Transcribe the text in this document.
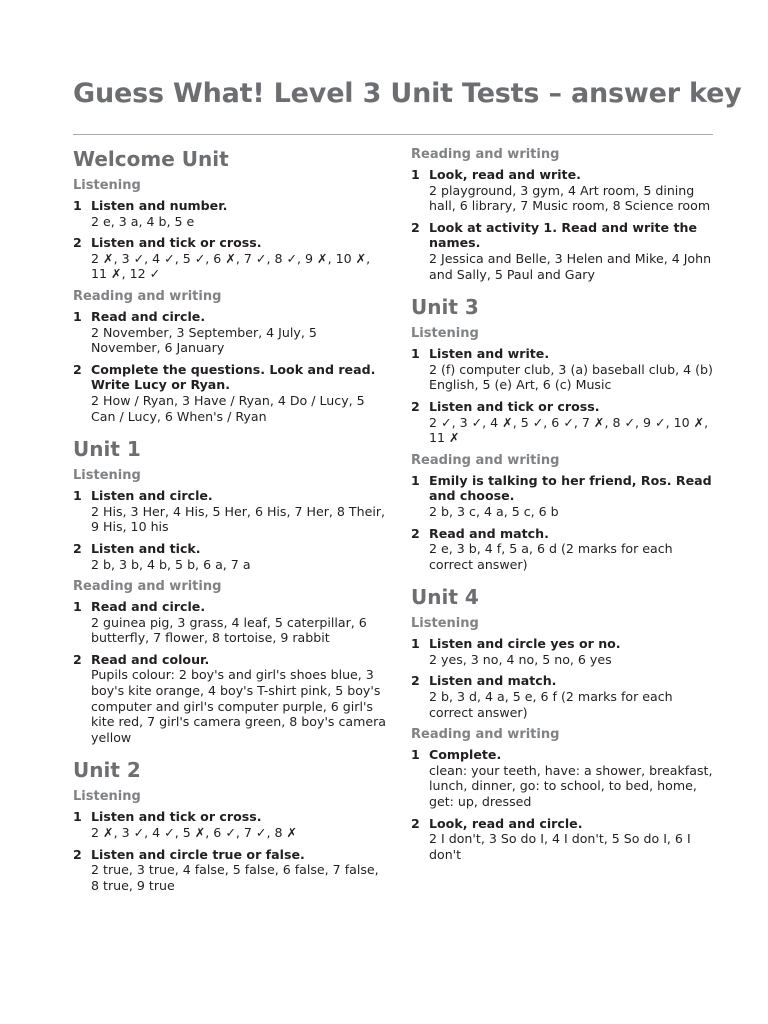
Guess What! Level 3 Unit Tests – answer key
Welcome Unit
Listening
1 Listen and number.
2 e, 3 a, 4 b, 5 e
2 Listen and tick or cross.
2 ✗, 3 ✓, 4 ✓, 5 ✓, 6 ✗, 7 ✓, 8 ✓, 9 ✗, 10 ✗, 11 ✗, 12 ✓
Reading and writing
1 Read and circle.
2 November, 3 September, 4 July, 5 November, 6 January
2 Complete the questions. Look and read. Write Lucy or Ryan.
2 How / Ryan, 3 Have / Ryan, 4 Do / Lucy, 5 Can / Lucy, 6 When's / Ryan
Unit 1
Listening
1 Listen and circle.
2 His, 3 Her, 4 His, 5 Her, 6 His, 7 Her, 8 Their, 9 His, 10 his
2 Listen and tick.
2 b, 3 b, 4 b, 5 b, 6 a, 7 a
Reading and writing
1 Read and circle.
2 guinea pig, 3 grass, 4 leaf, 5 caterpillar, 6 butterfly, 7 flower, 8 tortoise, 9 rabbit
2 Read and colour.
Pupils colour: 2 boy's and girl's shoes blue, 3 boy's kite orange, 4 boy's T-shirt pink, 5 boy's computer and girl's computer purple, 6 girl's kite red, 7 girl's camera green, 8 boy's camera yellow
Unit 2
Listening
1 Listen and tick or cross.
2 ✗, 3 ✓, 4 ✓, 5 ✗, 6 ✓, 7 ✓, 8 ✗
2 Listen and circle true or false.
2 true, 3 true, 4 false, 5 false, 6 false, 7 false, 8 true, 9 true
Reading and writing
1 Look, read and write.
2 playground, 3 gym, 4 Art room, 5 dining hall, 6 library, 7 Music room, 8 Science room
2 Look at activity 1. Read and write the names.
2 Jessica and Belle, 3 Helen and Mike, 4 John and Sally, 5 Paul and Gary
Unit 3
Listening
1 Listen and write.
2 (f) computer club, 3 (a) baseball club, 4 (b) English, 5 (e) Art, 6 (c) Music
2 Listen and tick or cross.
2 ✓, 3 ✓, 4 ✗, 5 ✓, 6 ✓, 7 ✗, 8 ✓, 9 ✓, 10 ✗, 11 ✗
Reading and writing
1 Emily is talking to her friend, Ros. Read and choose.
2 b, 3 c, 4 a, 5 c, 6 b
2 Read and match.
2 e, 3 b, 4 f, 5 a, 6 d (2 marks for each correct answer)
Unit 4
Listening
1 Listen and circle yes or no.
2 yes, 3 no, 4 no, 5 no, 6 yes
2 Listen and match.
2 b, 3 d, 4 a, 5 e, 6 f (2 marks for each correct answer)
Reading and writing
1 Complete.
clean: your teeth, have: a shower, breakfast, lunch, dinner, go: to school, to bed, home, get: up, dressed
2 Look, read and circle.
2 I don't, 3 So do I, 4 I don't, 5 So do I, 6 I don't
